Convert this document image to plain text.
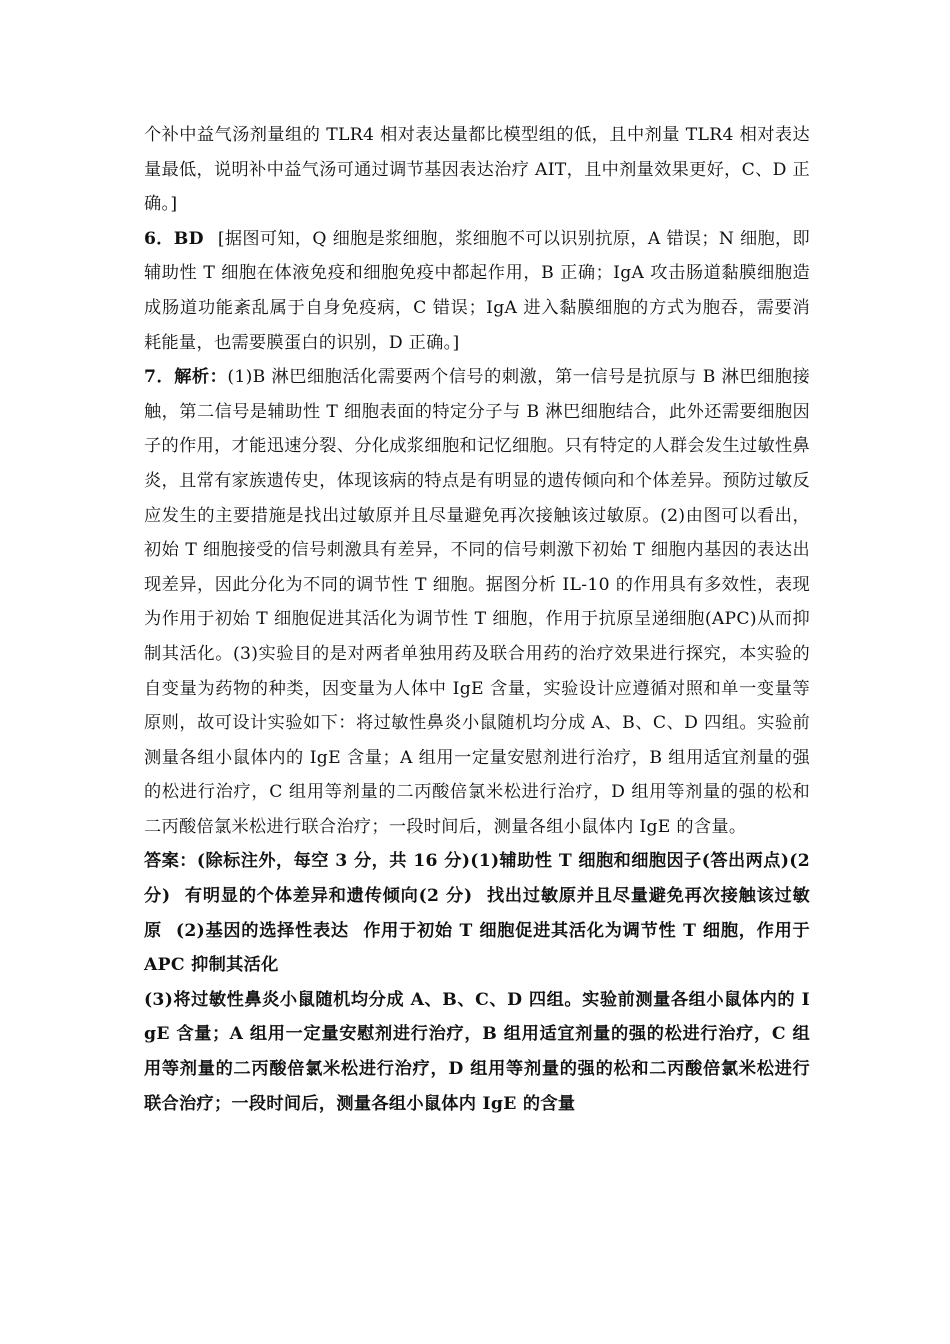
个补中益气汤剂量组的 TLR4 相对表达量都比模型组的低，且中剂量 TLR4 相对表达量最低，说明补中益气汤可通过调节基因表达治疗 AIT，且中剂量效果更好，C、D 正确。]

6．BD [据图可知，Q 细胞是浆细胞，浆细胞不可以识别抗原，A 错误；N 细胞，即辅助性 T 细胞在体液免疫和细胞免疫中都起作用，B 正确；IgA 攻击肠道黏膜细胞造成肠道功能紊乱属于自身免疫病，C 错误；IgA 进入黏膜细胞的方式为胞吞，需要消耗能量，也需要膜蛋白的识别，D 正确。]

7．解析：(1)B 淋巴细胞活化需要两个信号的刺激，第一信号是抗原与 B 淋巴细胞接触，第二信号是辅助性 T 细胞表面的特定分子与 B 淋巴细胞结合，此外还需要细胞因子的作用，才能迅速分裂、分化成浆细胞和记忆细胞。只有特定的人群会发生过敏性鼻炎，且常有家族遗传史，体现该病的特点是有明显的遗传倾向和个体差异。预防过敏反应发生的主要措施是找出过敏原并且尽量避免再次接触该过敏原。(2)由图可以看出，初始 T 细胞接受的信号刺激具有差异，不同的信号刺激下初始 T 细胞内基因的表达出现差异，因此分化为不同的调节性 T 细胞。据图分析 IL-10 的作用具有多效性，表现为作用于初始 T 细胞促进其活化为调节性 T 细胞，作用于抗原呈递细胞(APC)从而抑制其活化。(3)实验目的是对两者单独用药及联合用药的治疗效果进行探究，本实验的自变量为药物的种类，因变量为人体中 IgE 含量，实验设计应遵循对照和单一变量等原则，故可设计实验如下：将过敏性鼻炎小鼠随机均分成 A、B、C、D 四组。实验前测量各组小鼠体内的 IgE 含量；A 组用一定量安慰剂进行治疗，B 组用适宜剂量的强的松进行治疗，C 组用等剂量的二丙酸倍氯米松进行治疗，D 组用等剂量的强的松和二丙酸倍氯米松进行联合治疗；一段时间后，测量各组小鼠体内 IgE 的含量。

答案：(除标注外，每空 3 分，共 16 分)(1)辅助性 T 细胞和细胞因子(答出两点)(2 分) 有明显的个体差异和遗传倾向(2 分) 找出过敏原并且尽量避免再次接触该过敏原 (2)基因的选择性表达 作用于初始 T 细胞促进其活化为调节性 T 细胞，作用于 APC 抑制其活化

(3)将过敏性鼻炎小鼠随机均分成 A、B、C、D 四组。实验前测量各组小鼠体内的 IgE 含量；A 组用一定量安慰剂进行治疗，B 组用适宜剂量的强的松进行治疗，C 组用等剂量的二丙酸倍氯米松进行治疗，D 组用等剂量的强的松和二丙酸倍氯米松进行联合治疗；一段时间后，测量各组小鼠体内 IgE 的含量
